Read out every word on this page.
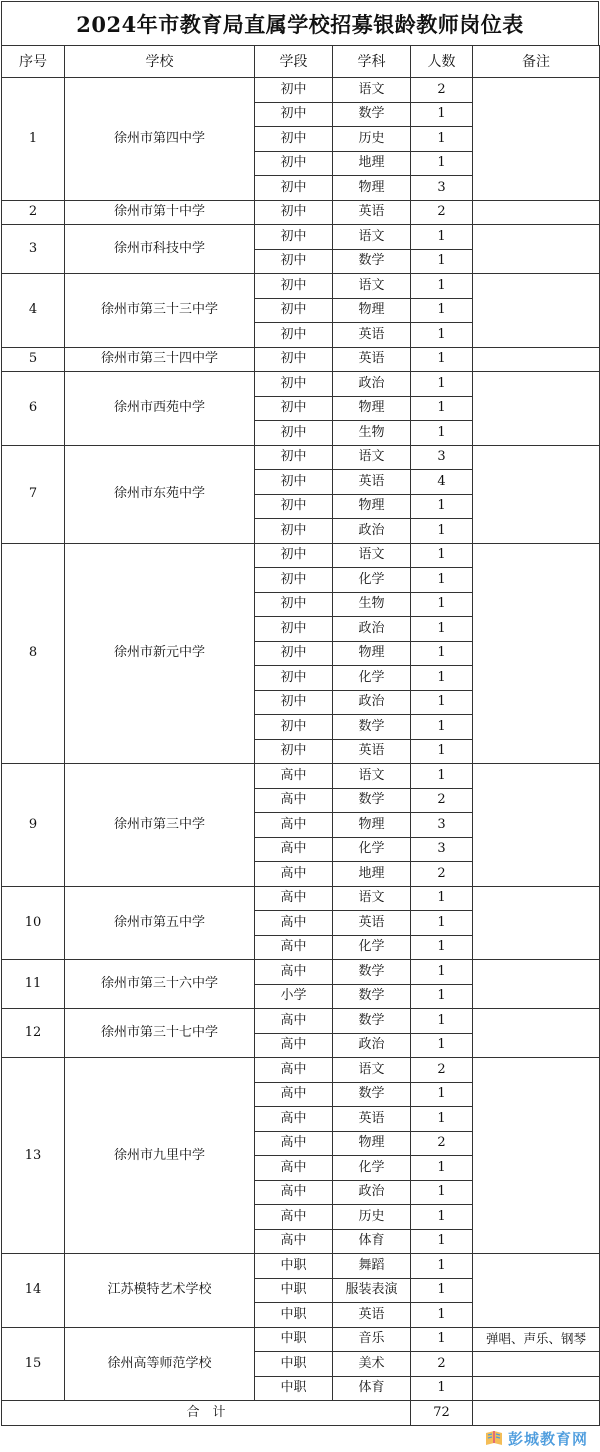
2024年市教育局直属学校招募银龄教师岗位表
序号	学校	学段	学科	人数	备注
1	徐州市第四中学	初中	语文	2	
		初中	数学	1	
		初中	历史	1	
		初中	地理	1	
		初中	物理	3	
2	徐州市第十中学	初中	英语	2	
3	徐州市科技中学	初中	语文	1	
		初中	数学	1	
4	徐州市第三十三中学	初中	语文	1	
		初中	物理	1	
		初中	英语	1	
5	徐州市第三十四中学	初中	英语	1	
6	徐州市西苑中学	初中	政治	1	
		初中	物理	1	
		初中	生物	1	
7	徐州市东苑中学	初中	语文	3	
		初中	英语	4	
		初中	物理	1	
		初中	政治	1	
8	徐州市新元中学	初中	语文	1	
		初中	化学	1	
		初中	生物	1	
		初中	政治	1	
		初中	物理	1	
		初中	化学	1	
		初中	政治	1	
		初中	数学	1	
		初中	英语	1	
9	徐州市第三中学	高中	语文	1	
		高中	数学	2	
		高中	物理	3	
		高中	化学	3	
		高中	地理	2	
10	徐州市第五中学	高中	语文	1	
		高中	英语	1	
		高中	化学	1	
11	徐州市第三十六中学	高中	数学	1	
		小学	数学	1	
12	徐州市第三十七中学	高中	数学	1	
		高中	政治	1	
13	徐州市九里中学	高中	语文	2	
		高中	数学	1	
		高中	英语	1	
		高中	物理	2	
		高中	化学	1	
		高中	政治	1	
		高中	历史	1	
		高中	体育	1	
14	江苏模特艺术学校	中职	舞蹈	1	
		中职	服装表演	1	
		中职	英语	1	
15	徐州高等师范学校	中职	音乐	1	弹唱、声乐、钢琴
		中职	美术	2	
		中职	体育	1	
合　计				72	
彭城教育网
